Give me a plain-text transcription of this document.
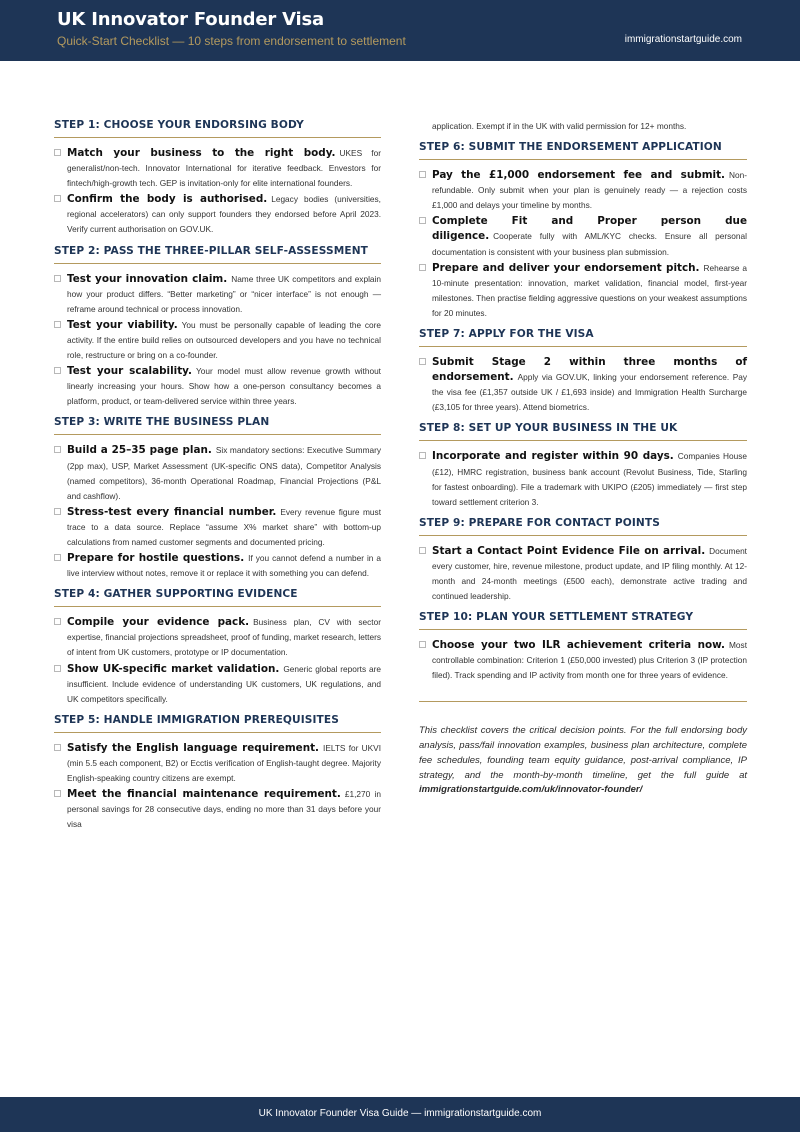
UK Innovator Founder Visa
Quick-Start Checklist — 10 steps from endorsement to settlement	immigrationstartguide.com
STEP 1: CHOOSE YOUR ENDORSING BODY
Match your business to the right body. UKES for generalist/non-tech. Innovator International for iterative feedback. Envestors for fintech/high-growth tech. GEP is invitation-only for elite international founders.
Confirm the body is authorised. Legacy bodies (universities, regional accelerators) can only support founders they endorsed before April 2023. Verify current authorisation on GOV.UK.
STEP 2: PASS THE THREE-PILLAR SELF-ASSESSMENT
Test your innovation claim. Name three UK competitors and explain how your product differs. “Better marketing” or “nicer interface” is not enough — reframe around technical or process innovation.
Test your viability. You must be personally capable of leading the core activity. If the entire build relies on outsourced developers and you have no technical role, restructure or bring on a co-founder.
Test your scalability. Your model must allow revenue growth without linearly increasing your hours. Show how a one-person consultancy becomes a platform, product, or team-delivered service within three years.
STEP 3: WRITE THE BUSINESS PLAN
Build a 25–35 page plan. Six mandatory sections: Executive Summary (2pp max), USP, Market Assessment (UK-specific ONS data), Competitor Analysis (named competitors), 36-month Operational Roadmap, Financial Projections (P&L and cashflow).
Stress-test every financial number. Every revenue figure must trace to a data source. Replace “assume X% market share” with bottom-up calculations from named customer segments and documented pricing.
Prepare for hostile questions. If you cannot defend a number in a live interview without notes, remove it or replace it with something you can defend.
STEP 4: GATHER SUPPORTING EVIDENCE
Compile your evidence pack. Business plan, CV with sector expertise, financial projections spreadsheet, proof of funding, market research, letters of intent from UK customers, prototype or IP documentation.
Show UK-specific market validation. Generic global reports are insufficient. Include evidence of understanding UK customers, UK regulations, and UK competitors specifically.
STEP 5: HANDLE IMMIGRATION PREREQUISITES
Satisfy the English language requirement. IELTS for UKVI (min 5.5 each component, B2) or Ecctis verification of English-taught degree. Majority English-speaking country citizens are exempt.
Meet the financial maintenance requirement. £1,270 in personal savings for 28 consecutive days, ending no more than 31 days before your visa
application. Exempt if in the UK with valid permission for 12+ months.
STEP 6: SUBMIT THE ENDORSEMENT APPLICATION
Pay the £1,000 endorsement fee and submit. Non-refundable. Only submit when your plan is genuinely ready — a rejection costs £1,000 and delays your timeline by months.
Complete Fit and Proper person due diligence. Cooperate fully with AML/KYC checks. Ensure all personal documentation is consistent with your business plan submission.
Prepare and deliver your endorsement pitch. Rehearse a 10-minute presentation: innovation, market validation, financial model, first-year milestones. Then practise fielding aggressive questions on your weakest assumptions for 20 minutes.
STEP 7: APPLY FOR THE VISA
Submit Stage 2 within three months of endorsement. Apply via GOV.UK, linking your endorsement reference. Pay the visa fee (£1,357 outside UK / £1,693 inside) and Immigration Health Surcharge (£3,105 for three years). Attend biometrics.
STEP 8: SET UP YOUR BUSINESS IN THE UK
Incorporate and register within 90 days. Companies House (£12), HMRC registration, business bank account (Revolut Business, Tide, Starling for fastest onboarding). File a trademark with UKIPO (£205) immediately — first step toward settlement criterion 3.
STEP 9: PREPARE FOR CONTACT POINTS
Start a Contact Point Evidence File on arrival. Document every customer, hire, revenue milestone, product update, and IP filing monthly. At 12-month and 24-month meetings (£500 each), demonstrate active trading and continued leadership.
STEP 10: PLAN YOUR SETTLEMENT STRATEGY
Choose your two ILR achievement criteria now. Most controllable combination: Criterion 1 (£50,000 invested) plus Criterion 3 (IP protection filed). Track spending and IP activity from month one for three years of evidence.
This checklist covers the critical decision points. For the full endorsing body analysis, pass/fail innovation examples, business plan architecture, complete fee schedules, founding team equity guidance, post-arrival compliance, IP strategy, and the month-by-month timeline, get the full guide at immigrationstartguide.com/uk/innovator-founder/
UK Innovator Founder Visa Guide — immigrationstartguide.com
